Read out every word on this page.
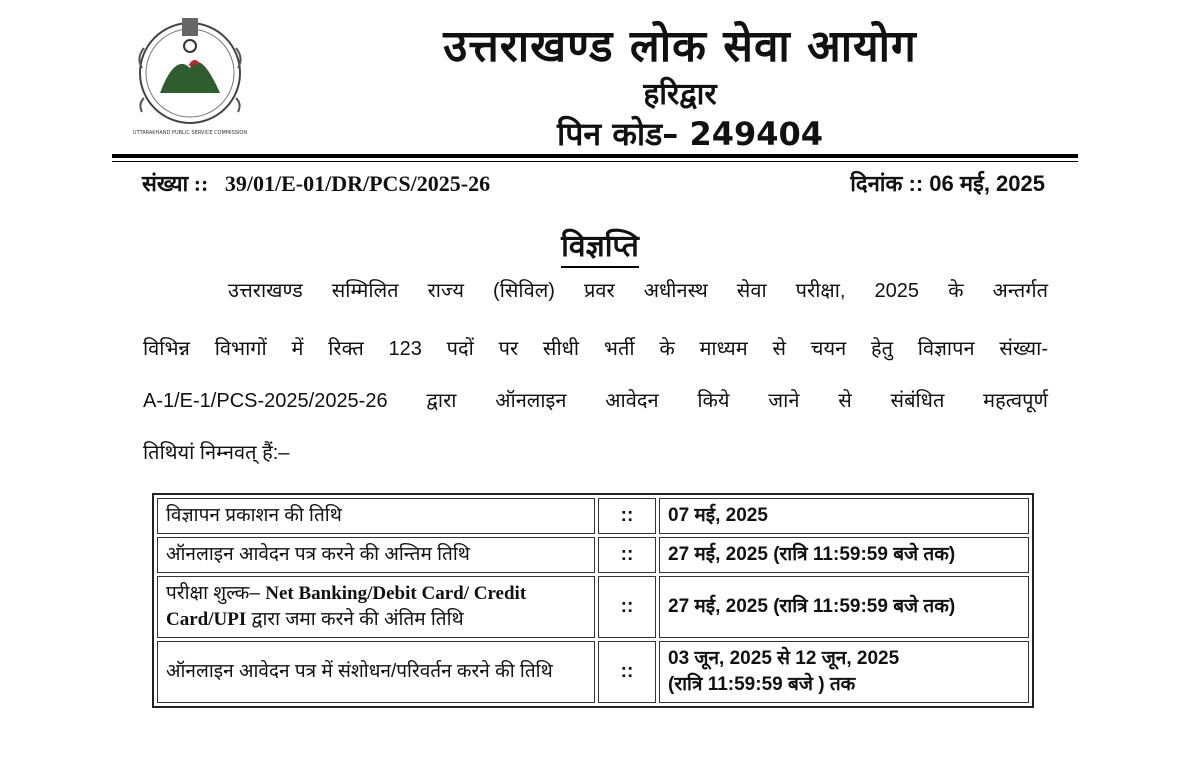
UTTARAKHAND PUBLIC SERVICE COMMISSION
उत्तराखण्ड लोक सेवा आयोग
हरिद्वार
पिन कोड– 249404
संख्या ::   39/01/E-01/DR/PCS/2025-26	दिनांक :: 06 मई, 2025
विज्ञप्ति
उत्तराखण्ड सम्मिलित राज्य (सिविल) प्रवर अधीनस्थ सेवा परीक्षा, 2025 के अन्तर्गत
विभिन्न विभागों में रिक्त 123 पदों पर सीधी भर्ती के माध्यम से चयन हेतु विज्ञापन संख्या-
A-1/E-1/PCS-2025/2025-26 द्वारा ऑनलाइन आवेदन किये जाने से संबंधित महत्वपूर्ण
तिथियां निम्नवत् हैं:–
विज्ञापन प्रकाशन की तिथि	::	07 मई, 2025
ऑनलाइन आवेदन पत्र करने की अन्तिम तिथि	::	27 मई, 2025 (रात्रि 11:59:59 बजे तक)
परीक्षा शुल्क– Net Banking/Debit Card/ Credit Card/UPI द्वारा जमा करने की अंतिम तिथि	::	27 मई, 2025 (रात्रि 11:59:59 बजे तक)
ऑनलाइन आवेदन पत्र में संशोधन/परिवर्तन करने की तिथि	::	03 जून, 2025 से 12 जून, 2025
(रात्रि 11:59:59 बजे ) तक
